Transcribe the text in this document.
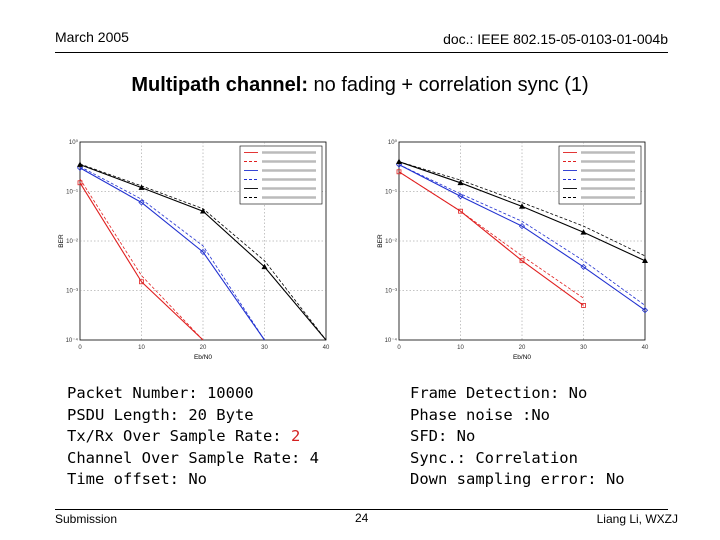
March 2005	doc.: IEEE 802.15-05-0103-01-004b
Multipath channel: no fading + correlation sync (1)
0	10	20	30	40
10⁻⁴
10⁻³
10⁻²
10⁻¹
10⁰
BER
Eb/N0
0	10	20	30	40
10⁻⁴
10⁻³
10⁻²
10⁻¹
10⁰
BER
Eb/N0
Packet Number: 10000
PSDU Length: 20 Byte
Tx/Rx Over Sample Rate: 2
Channel Over Sample Rate: 4
Time offset: No
Frame Detection: No
Phase noise :No
SFD: No
Sync.: Correlation
Down sampling error: No
Submission	24	Liang Li, WXZJ
